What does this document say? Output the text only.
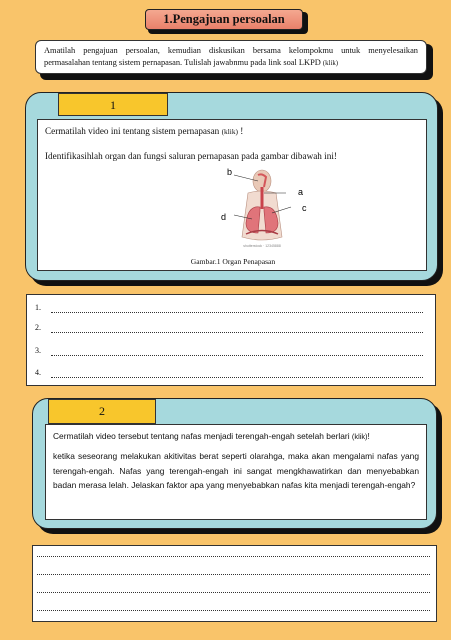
1.Pengajuan persoalan
Amatilah pengajuan persoalan, kemudian diskusikan bersama kelompokmu untuk menyelesaikan permasalahan tentang sistem pernapasan. Tulislah jawabnmu pada link soal LKPD (klik)
1
Cermatilah video ini tentang sistem pernapasan (klik) !
Identifikasihlah organ dan fungsi saluran pernapasan pada gambar dibawah ini!
shutterstock · 12345888
b
a
c
d
Gambar.1 Organ Penapasan
1.
2.
3.
4.
2
Cermatilah video tersebut tentang nafas menjadi terengah-engah setelah berlari (klik)!
ketika seseorang melakukan akitivitas berat seperti olarahga, maka akan mengalami nafas yang terengah-engah. Nafas yang terengah-engah ini sangat mengkhawatirkan dan menyebabkan badan merasa lelah. Jelaskan faktor apa yang menyebabkan nafas kita menjadi terengah-engah?
